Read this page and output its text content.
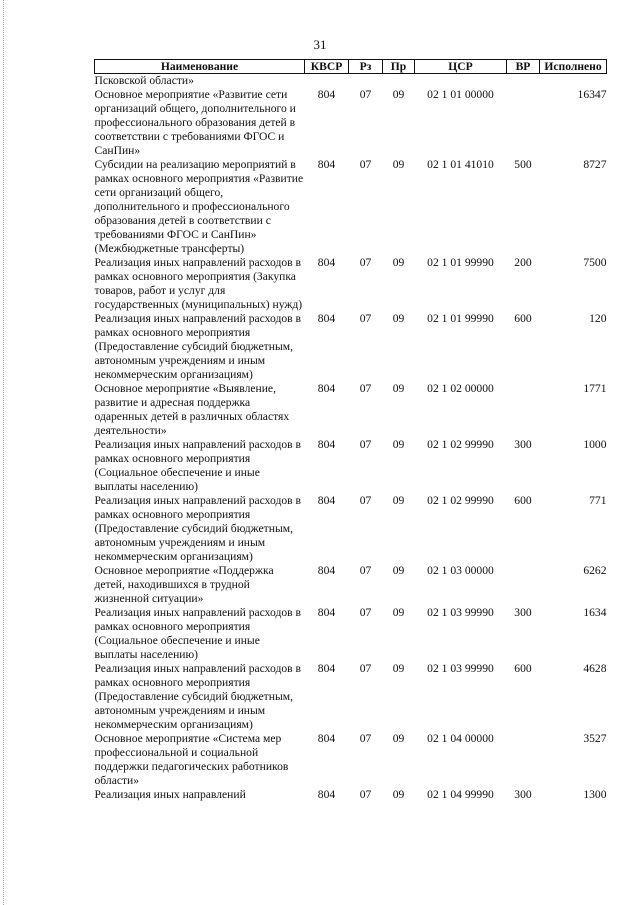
31
Наименование	КВСР	Рз	Пр	ЦСР	ВР	Исполнено
Псковской области»						
Основное мероприятие «Развитие сети организаций общего, дополнительного и профессионального образования детей в соответствии с требованиями ФГОС и СанПин»	804	07	09	02 1 01 00000		16347
Субсидии на реализацию мероприятий в рамках основного мероприятия «Развитие сети организаций общего, дополнительного и профессионального образования детей в соответствии с требованиями ФГОС и СанПин» (Межбюджетные трансферты)	804	07	09	02 1 01 41010	500	8727
Реализация иных направлений расходов в рамках основного мероприятия (Закупка товаров, работ и услуг для государственных (муниципальных) нужд)	804	07	09	02 1 01 99990	200	7500
Реализация иных направлений расходов в рамках основного мероприятия (Предоставление субсидий бюджетным, автономным учреждениям и иным некоммерческим организациям)	804	07	09	02 1 01 99990	600	120
Основное мероприятие «Выявление, развитие и адресная поддержка одаренных детей в различных областях деятельности»	804	07	09	02 1 02 00000		1771
Реализация иных направлений расходов в рамках основного мероприятия (Социальное обеспечение и иные выплаты населению)	804	07	09	02 1 02 99990	300	1000
Реализация иных направлений расходов в рамках основного мероприятия (Предоставление субсидий бюджетным, автономным учреждениям и иным некоммерческим организациям)	804	07	09	02 1 02 99990	600	771
Основное мероприятие «Поддержка детей, находившихся в трудной жизненной ситуации»	804	07	09	02 1 03 00000		6262
Реализация иных направлений расходов в рамках основного мероприятия (Социальное обеспечение и иные выплаты населению)	804	07	09	02 1 03 99990	300	1634
Реализация иных направлений расходов в рамках основного мероприятия (Предоставление субсидий бюджетным, автономным учреждениям и иным некоммерческим организациям)	804	07	09	02 1 03 99990	600	4628
Основное мероприятие «Система мер профессиональной и социальной поддержки педагогических работников области»	804	07	09	02 1 04 00000		3527
Реализация иных направлений	804	07	09	02 1 04 99990	300	1300
